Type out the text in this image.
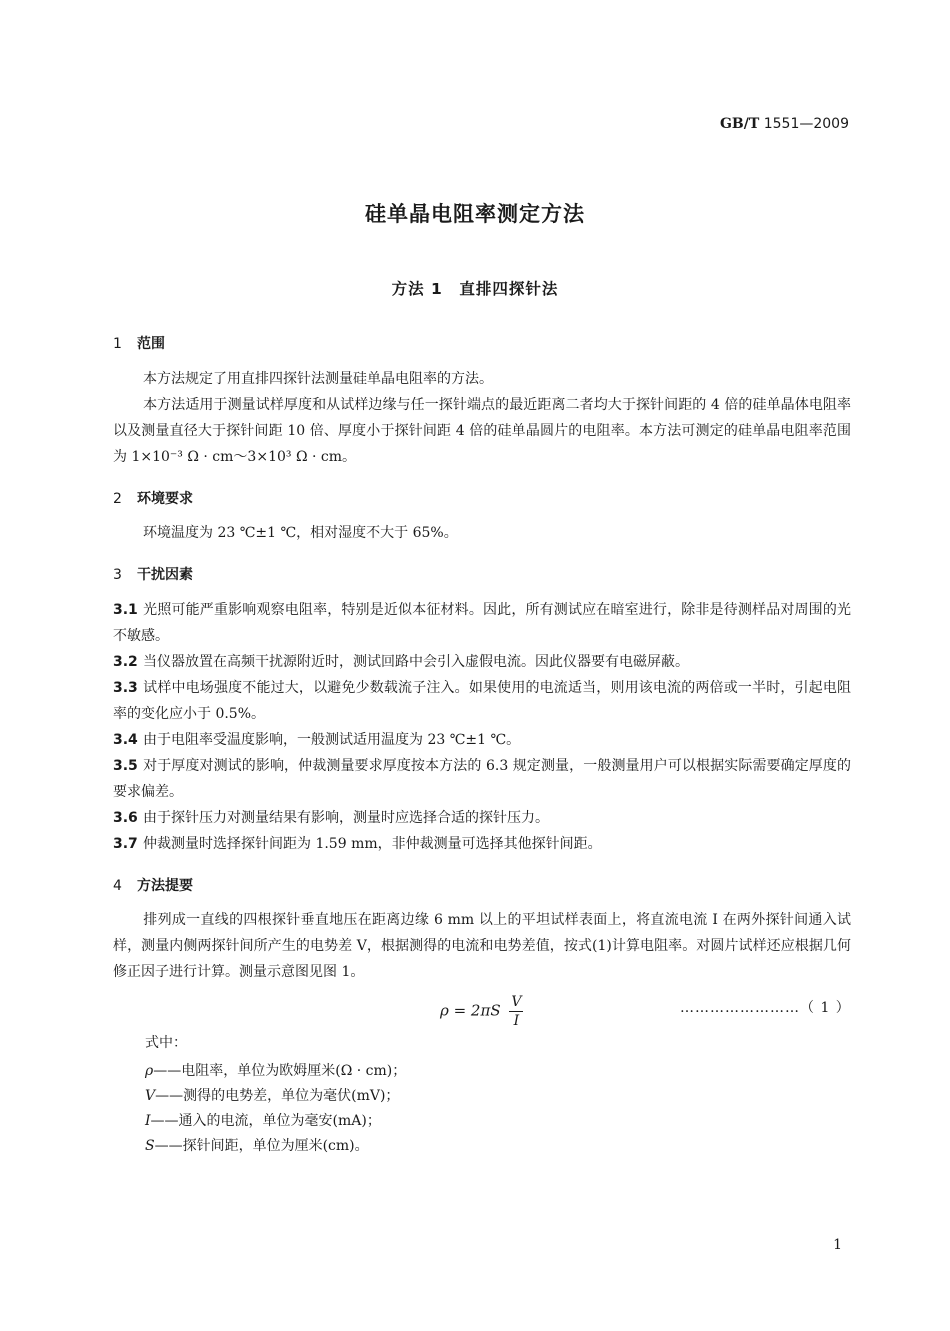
GB/T 1551—2009
硅单晶电阻率测定方法
方法 1　直排四探针法
1 范围
本方法规定了用直排四探针法测量硅单晶电阻率的方法。
本方法适用于测量试样厚度和从试样边缘与任一探针端点的最近距离二者均大于探针间距的 4 倍的硅单晶体电阻率以及测量直径大于探针间距 10 倍、厚度小于探针间距 4 倍的硅单晶圆片的电阻率。本方法可测定的硅单晶电阻率范围为 1×10⁻³ Ω · cm～3×10³ Ω · cm。
2 环境要求
环境温度为 23 ℃±1 ℃，相对湿度不大于 65%。
3 干扰因素
3.1 光照可能严重影响观察电阻率，特别是近似本征材料。因此，所有测试应在暗室进行，除非是待测样品对周围的光不敏感。
3.2 当仪器放置在高频干扰源附近时，测试回路中会引入虚假电流。因此仪器要有电磁屏蔽。
3.3 试样中电场强度不能过大，以避免少数载流子注入。如果使用的电流适当，则用该电流的两倍或一半时，引起电阻率的变化应小于 0.5%。
3.4 由于电阻率受温度影响，一般测试适用温度为 23 ℃±1 ℃。
3.5 对于厚度对测试的影响，仲裁测量要求厚度按本方法的 6.3 规定测量，一般测量用户可以根据实际需要确定厚度的要求偏差。
3.6 由于探针压力对测量结果有影响，测量时应选择合适的探针压力。
3.7 仲裁测量时选择探针间距为 1.59 mm，非仲裁测量可选择其他探针间距。
4 方法提要
排列成一直线的四根探针垂直地压在距离边缘 6 mm 以上的平坦试样表面上，将直流电流 I 在两外探针间通入试样，测量内侧两探针间所产生的电势差 V，根据测得的电流和电势差值，按式(1)计算电阻率。对圆片试样还应根据几何修正因子进行计算。测量示意图见图 1。
$\rho = 2\pi S \frac{V}{I}$	……………………（ 1 ）
式中：
ρ——电阻率，单位为欧姆厘米(Ω · cm)；
V——测得的电势差，单位为毫伏(mV)；
I——通入的电流，单位为毫安(mA)；
S——探针间距，单位为厘米(cm)。
1
